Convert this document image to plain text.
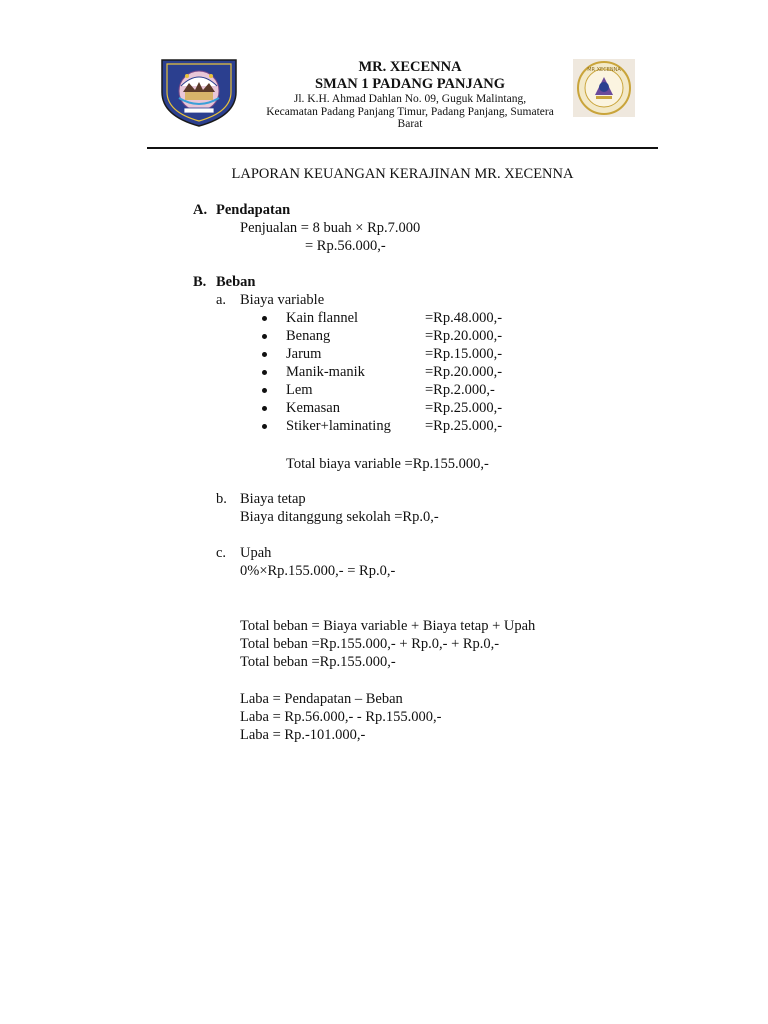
MR XECENNA
MR. XECENNA
SMAN 1 PADANG PANJANG
Jl. K.H. Ahmad Dahlan No. 09, Guguk Malintang,
Kecamatan Padang Panjang Timur, Padang Panjang, Sumatera
Barat
LAPORAN KEUANGAN KERAJINAN MR. XECENNA
A. Pendapatan
Penjualan = 8 buah × Rp.7.000
= Rp.56.000,-
B. Beban
a. Biaya variable
Kain flannel	=Rp.48.000,-
Benang	=Rp.20.000,-
Jarum	=Rp.15.000,-
Manik-manik	=Rp.20.000,-
Lem	=Rp.2.000,-
Kemasan	=Rp.25.000,-
Stiker+laminating =Rp.25.000,-
Total biaya variable =Rp.155.000,-
b. Biaya tetap
Biaya ditanggung sekolah =Rp.0,-
c. Upah
0%×Rp.155.000,- = Rp.0,-
Total beban = Biaya variable + Biaya tetap + Upah
Total beban =Rp.155.000,- + Rp.0,- + Rp.0,-
Total beban =Rp.155.000,-
Laba = Pendapatan – Beban
Laba = Rp.56.000,- - Rp.155.000,-
Laba = Rp.-101.000,-
